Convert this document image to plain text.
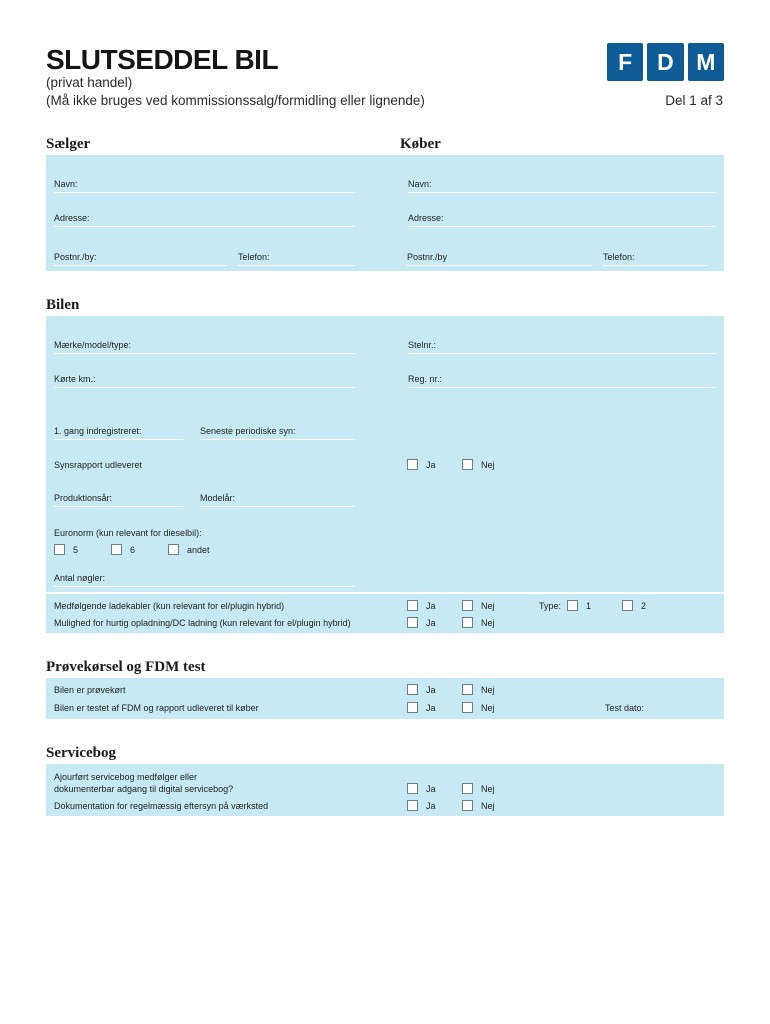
SLUTSEDDEL BIL
(privat handel)
(Må ikke bruges ved kommissionssalg/formidling eller lignende)	Del 1 af 3
F	D M
Sælger	Køber
Navn:
Adresse:
Postnr./by:	Telefon:
Navn:
Adresse:
Postnr./by	Telefon:
Bilen
Mærke/model/type:	Stelnr.:
Kørte km.:	Reg. nr.:
1. gang indregistreret:	Seneste periodiske syn:
Synsrapport udleveret	Ja	Nej
Produktionsår:	Modelår:
Euronorm (kun relevant for dieselbil):
5	6	andet
Antal nøgler:
Medfølgende ladekabler (kun relevant for el/plugin hybrid)	Ja	Nej	Type:	1	2
Mulighed for hurtig opladning/DC ladning (kun relevant for el/plugin hybrid)	Ja	Nej
Prøvekørsel og FDM test
Bilen er prøvekørt	Ja	Nej
Bilen er testet af FDM og rapport udleveret til køber	Ja	Nej	Test dato:
Servicebog
Ajourført servicebog medfølger eller
dokumenterbar adgang til digital servicebog?	Ja	Nej
Dokumentation for regelmæssig eftersyn på værksted	Ja	Nej
